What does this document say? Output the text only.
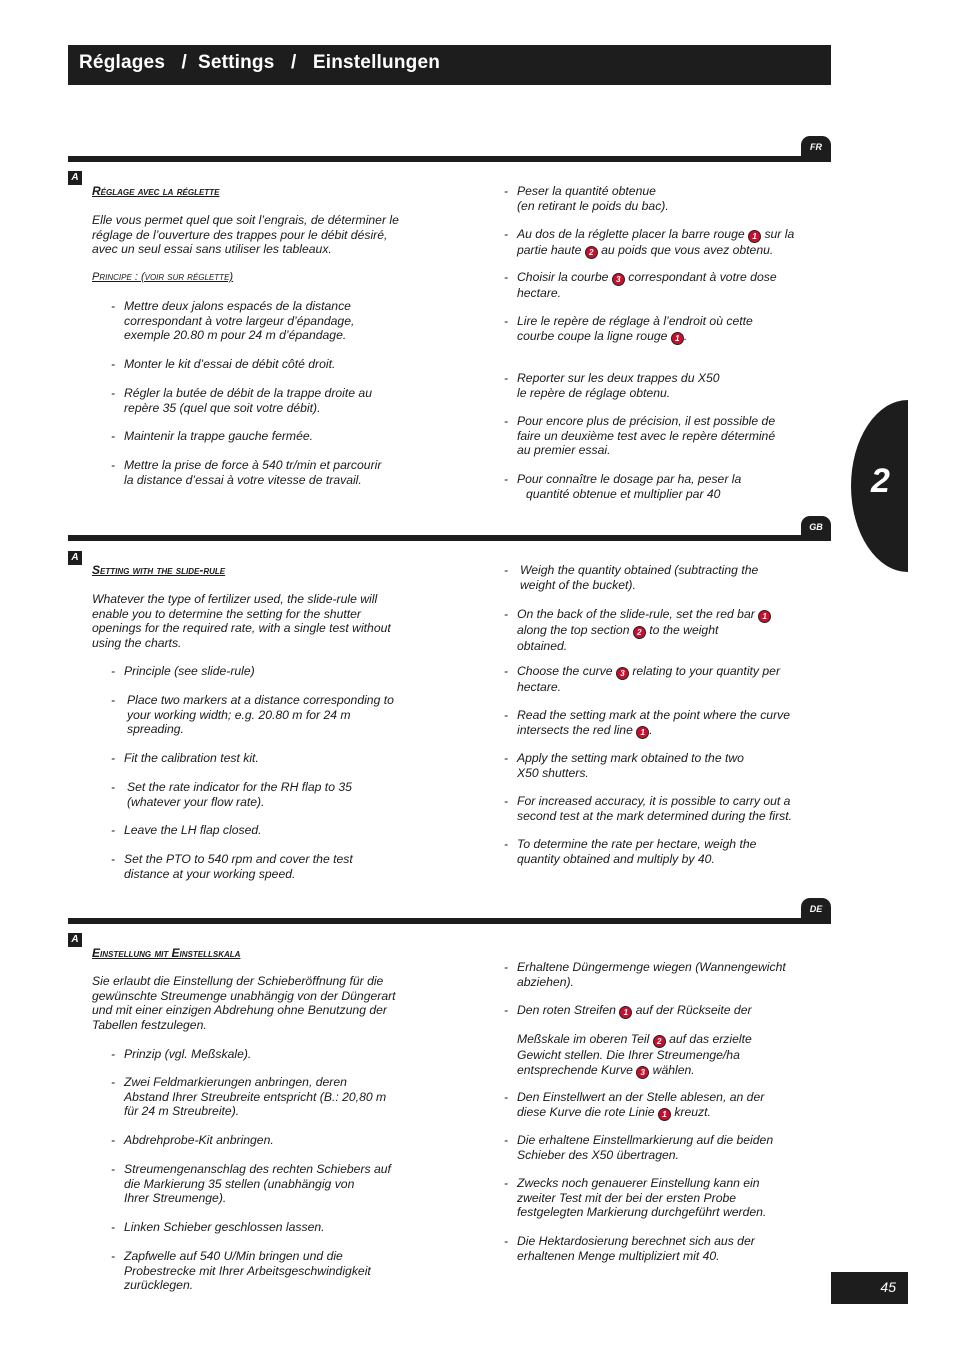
Réglages   /  Settings   /   Einstellungen
2
45
FR
A
Réglage avec la réglette
Elle vous permet quel que soit l’engrais, de déterminer le
réglage de l’ouverture des trappes pour le débit désiré,
avec un seul essai sans utiliser les tableaux.
Principe : (voir sur réglette)
- Mettre deux jalons espacés de la distance
correspondant à votre largeur d’épandage,
exemple 20.80 m pour 24 m d’épandage.
- Monter le kit d’essai de débit côté droit.
- Régler la butée de débit de la trappe droite au
repère 35 (quel que soit votre débit).
- Maintenir la trappe gauche fermée.
- Mettre la prise de force à 540 tr/min et parcourir
la distance d’essai à votre vitesse de travail.
- Peser la quantité obtenue
(en retirant le poids du bac).
- Au dos de la réglette placer la barre rouge 1 sur la
partie haute 2 au poids que vous avez obtenu.
- Choisir la courbe 3 correspondant à votre dose
hectare.
- Lire le repère de réglage à l’endroit où cette
courbe coupe la ligne rouge 1 .
- Reporter sur les deux trappes du X50
le repère de réglage obtenu.
- Pour encore plus de précision, il est possible de
faire un deuxième test avec le repère déterminé
au premier essai.
- Pour connaître le dosage par ha, peser la
quantité obtenue et multiplier par 40
GB
A
Setting with the slide-rule
Whatever the type of fertilizer used, the slide-rule will
enable you to determine the setting for the shutter
openings for the required rate, with a single test without
using the charts.
- Principle (see slide-rule)
- Place two markers at a distance corresponding to
your working width; e.g. 20.80 m for 24 m
spreading.
- Fit the calibration test kit.
- Set the rate indicator for the RH flap to 35
(whatever your flow rate).
- Leave the LH flap closed.
- Set the PTO to 540 rpm and cover the test
distance at your working speed.
- Weigh the quantity obtained (subtracting the
weight of the bucket).
- On the back of the slide-rule, set the red bar 1
along the top section 2 to the weight
obtained.
- Choose the curve 3 relating to your quantity per
hectare.
- Read the setting mark at the point where the curve
intersects the red line 1 .
- Apply the setting mark obtained to the two
X50 shutters.
- For increased accuracy, it is possible to carry out a
second test at the mark determined during the first.
- To determine the rate per hectare, weigh the
quantity obtained and multiply by 40.
DE
A
Einstellung mit Einstellskala
Sie erlaubt die Einstellung der Schieberöffnung für die
gewünschte Streumenge unabhängig von der Düngerart
und mit einer einzigen Abdrehung ohne Benutzung der
Tabellen festzulegen.
- Prinzip (vgl. Meßskale).
- Zwei Feldmarkierungen anbringen, deren
Abstand Ihrer Streubreite entspricht (B.: 20,80 m
für 24 m Streubreite).
- Abdrehprobe-Kit anbringen.
- Streumengenanschlag des rechten Schiebers auf
die Markierung 35 stellen (unabhängig von
Ihrer Streumenge).
- Linken Schieber geschlossen lassen.
- Zapfwelle auf 540 U/Min bringen und die
Probestrecke mit Ihrer Arbeitsgeschwindigkeit
zurücklegen.
- Erhaltene Düngermenge wiegen (Wannengewicht
abziehen).
- Den roten Streifen 1 auf der Rückseite der
Meßskale im oberen Teil 2 auf das erzielte
Gewicht stellen. Die Ihrer Streumenge/ha
entsprechende Kurve 3 wählen.
- Den Einstellwert an der Stelle ablesen, an der
diese Kurve die rote Linie 1 kreuzt.
- Die erhaltene Einstellmarkierung auf die beiden
Schieber des X50 übertragen.
- Zwecks noch genauerer Einstellung kann ein
zweiter Test mit der bei der ersten Probe
festgelegten Markierung durchgeführt werden.
- Die Hektardosierung berechnet sich aus der
erhaltenen Menge multipliziert mit 40.
